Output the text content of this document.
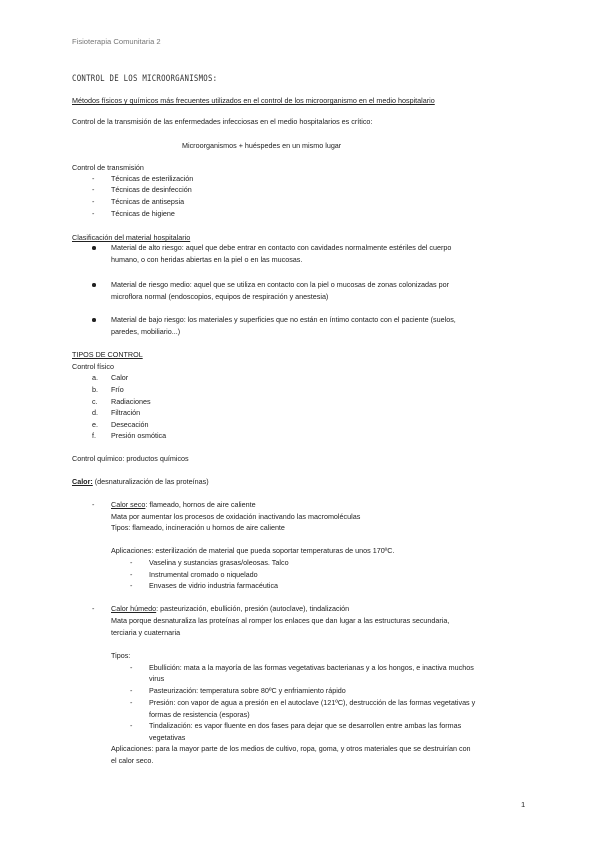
Fisioterapia Comunitaria 2
CONTROL DE LOS MICROORGANISMOS:
Métodos físicos y químicos más frecuentes utilizados en el control de los microorganismo en el medio hospitalario
Control de la transmisión de las enfermedades infecciosas en el medio hospitalarios es crítico:
Microorganismos + huéspedes en un mismo lugar
Control de transmisión
- Técnicas de esterilización
- Técnicas de desinfección
- Técnicas de antisepsia
- Técnicas de higiene
Clasificación del material hospitalario
Material de alto riesgo: aquel que debe entrar en contacto con cavidades normalmente estériles del cuerpo
humano, o con heridas abiertas en la piel o en las mucosas.
Material de riesgo medio: aquel que se utiliza en contacto con la piel o mucosas de zonas colonizadas por
microflora normal (endoscopios, equipos de respiración y anestesia)
Material de bajo riesgo: los materiales y superficies que no están en íntimo contacto con el paciente (suelos,
paredes, mobiliario...)
TIPOS DE CONTROL
Control físico
a. Calor
b. Frío
c. Radiaciones
d. Filtración
e. Desecación
f. Presión osmótica
Control químico: productos químicos
Calor: (desnaturalización de las proteínas)
- Calor seco: flameado, hornos de aire caliente
Mata por aumentar los procesos de oxidación inactivando las macromoléculas
Tipos: flameado, incineración u hornos de aire caliente
Aplicaciones: esterilización de material que pueda soportar temperaturas de unos 170ºC.
- Vaselina y sustancias grasas/oleosas. Talco
- Instrumental cromado o niquelado
- Envases de vidrio industria farmacéutica
- Calor húmedo: pasteurización, ebullición, presión (autoclave), tindalización
Mata porque desnaturaliza las proteínas al romper los enlaces que dan lugar a las estructuras secundaria,
terciaria y cuaternaria
Tipos:
- Ebullición: mata a la mayoría de las formas vegetativas bacterianas y a los hongos, e inactiva muchos
virus
- Pasteurización: temperatura sobre 80ºC y enfriamiento rápido
- Presión: con vapor de agua a presión en el autoclave (121ºC), destrucción de las formas vegetativas y
formas de resistencia (esporas)
- Tindalización: es vapor fluente en dos fases para dejar que se desarrollen entre ambas las formas
vegetativas
Aplicaciones: para la mayor parte de los medios de cultivo, ropa, goma, y otros materiales que se destruirían con
el calor seco.
1
